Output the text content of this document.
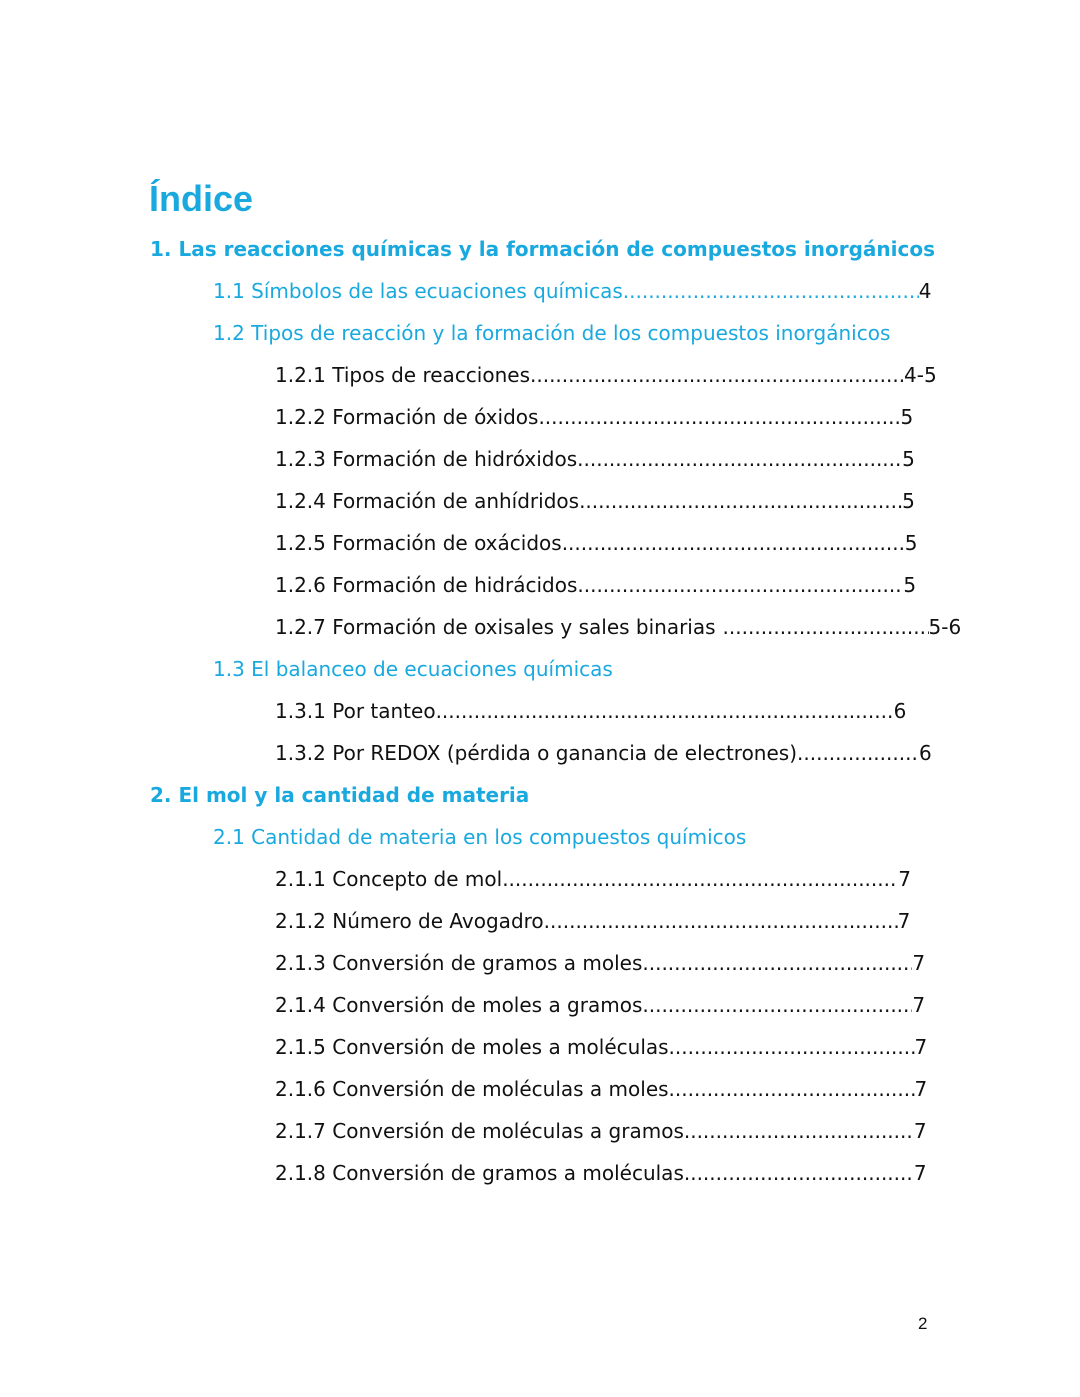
Índice
1. Las reacciones químicas y la formación de compuestos inorgánicos
1.1 Símbolos de las ecuaciones químicas .....	4
1.2 Tipos de reacción y la formación de los compuestos inorgánicos
1.2.1 Tipos de reacciones .....	4-5
1.2.2 Formación de óxidos .....	5
1.2.3 Formación de hidróxidos .....	5
1.2.4 Formación de anhídridos .....	5
1.2.5 Formación de oxácidos .....	5
1.2.6 Formación de hidrácidos .....	5
1.2.7 Formación de oxisales y sales binarias .....	5-6
1.3 El balanceo de ecuaciones químicas
1.3.1 Por tanteo .....	6
1.3.2 Por REDOX (pérdida o ganancia de electrones) .....	6
2. El mol y la cantidad de materia
2.1 Cantidad de materia en los compuestos químicos
2.1.1 Concepto de mol .....	7
2.1.2 Número de Avogadro .....	7
2.1.3 Conversión de gramos a moles .....	7
2.1.4 Conversión de moles a gramos .....	7
2.1.5 Conversión de moles a moléculas .....	7
2.1.6 Conversión de moléculas a moles .....	7
2.1.7 Conversión de moléculas a gramos .....	7
2.1.8 Conversión de gramos a moléculas .....	7
2
